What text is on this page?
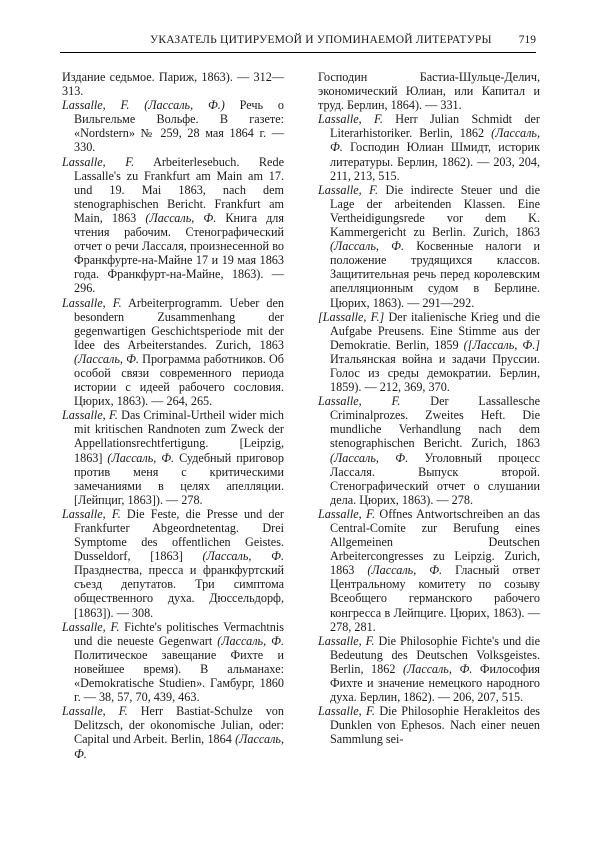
УКАЗАТЕЛЬ ЦИТИРУЕМОЙ И УПОМИНАЕМОЙ ЛИТЕРАТУРЫ 719

Издание седьмое. Париж, 1863). — 312—313.

Lassalle, F. (Лассаль, Ф.) Речь о Вильгельме Вольфе. В газете: «Nordstern» № 259, 28 мая 1864 г. — 330.

Lassalle, F. Arbeiterlesebuch. Rede Lassalle's zu Frankfurt am Main am 17. und 19. Mai 1863, nach dem stenographischen Bericht. Frankfurt am Main, 1863 (Лассаль, Ф. Книга для чтения рабочим. Стенографический отчет о речи Лассаля, произнесенной во Франкфурте-на-Майне 17 и 19 мая 1863 года. Франкфурт-на-Майне, 1863). — 296.

Lassalle, F. Arbeiterprogramm. Ueber den besondern Zusammenhang der gegenwartigen Geschichtsperiode mit der Idee des Arbeiterstandes. Zurich, 1863 (Лассаль, Ф. Программа работников. Об особой связи современного периода истории с идеей рабочего сословия. Цюрих, 1863). — 264, 265.

Lassalle, F. Das Criminal-Urtheil wider mich mit kritischen Randnoten zum Zweck der Appellationsrechtfertigung. [Leipzig, 1863] (Лассаль, Ф. Судебный приговор против меня с критическими замечаниями в целях апелляции. [Лейпциг, 1863]). — 278.

Lassalle, F. Die Feste, die Presse und der Frankfurter Abgeordnetentag. Drei Symptome des offentlichen Geistes. Dusseldorf, [1863] (Лассаль, Ф. Празднества, пресса и франкфуртский съезд депутатов. Три симптома общественного духа. Дюссельдорф, [1863]). — 308.

Lassalle, F. Fichte's politisches Vermachtnis und die neueste Gegenwart (Лассаль, Ф. Политическое завещание Фихте и новейшее время). В альманахе: «Demokratische Studien». Гамбург, 1860 г. — 38, 57, 70, 439, 463.

Lassalle, F. Herr Bastiat-Schulze von Delitzsch, der okonomische Julian, oder: Capital und Arbeit. Berlin, 1864 (Лассаль, Ф.

Господин Бастиа-Шульце-Делич, экономический Юлиан, или Капитал и труд. Берлин, 1864). — 331.

Lassalle, F. Herr Julian Schmidt der Literarhistoriker. Berlin, 1862 (Лассаль, Ф. Господин Юлиан Шмидт, историк литературы. Берлин, 1862). — 203, 204, 211, 213, 515.

Lassalle, F. Die indirecte Steuer und die Lage der arbeitenden Klassen. Eine Vertheidigungsrede vor dem K. Kammergericht zu Berlin. Zurich, 1863 (Лассаль, Ф. Косвенные налоги и положение трудящихся классов. Защитительная речь перед королевским апелляционным судом в Берлине. Цюрих, 1863). — 291—292.

[Lassalle, F.] Der italienische Krieg und die Aufgabe Preusens. Eine Stimme aus der Demokratie. Berlin, 1859 ([Лассаль, Ф.] Итальянская война и задачи Пруссии. Голос из среды демократии. Берлин, 1859). — 212, 369, 370.

Lassalle, F. Der Lassallesche Criminalprozes. Zweites Heft. Die mundliche Verhandlung nach dem stenographischen Bericht. Zurich, 1863 (Лассаль, Ф. Уголовный процесс Лассаля. Выпуск второй. Стенографический отчет о слушании дела. Цюрих, 1863). — 278.

Lassalle, F. Offnes Antwortschreiben an das Central-Comite zur Berufung eines Allgemeinen Deutschen Arbeitercongresses zu Leipzig. Zurich, 1863 (Лассаль, Ф. Гласный ответ Центральному комитету по созыву Всеобщего германского рабочего конгресса в Лейпциге. Цюрих, 1863). — 278, 281.

Lassalle, F. Die Philosophie Fichte's und die Bedeutung des Deutschen Volksgeistes. Berlin, 1862 (Лассаль, Ф. Философия Фихте и значение немецкого народного духа. Берлин, 1862). — 206, 207, 515.

Lassalle, F. Die Philosophie Herakleitos des Dunklen von Ephesos. Nach einer neuen Sammlung sei-
